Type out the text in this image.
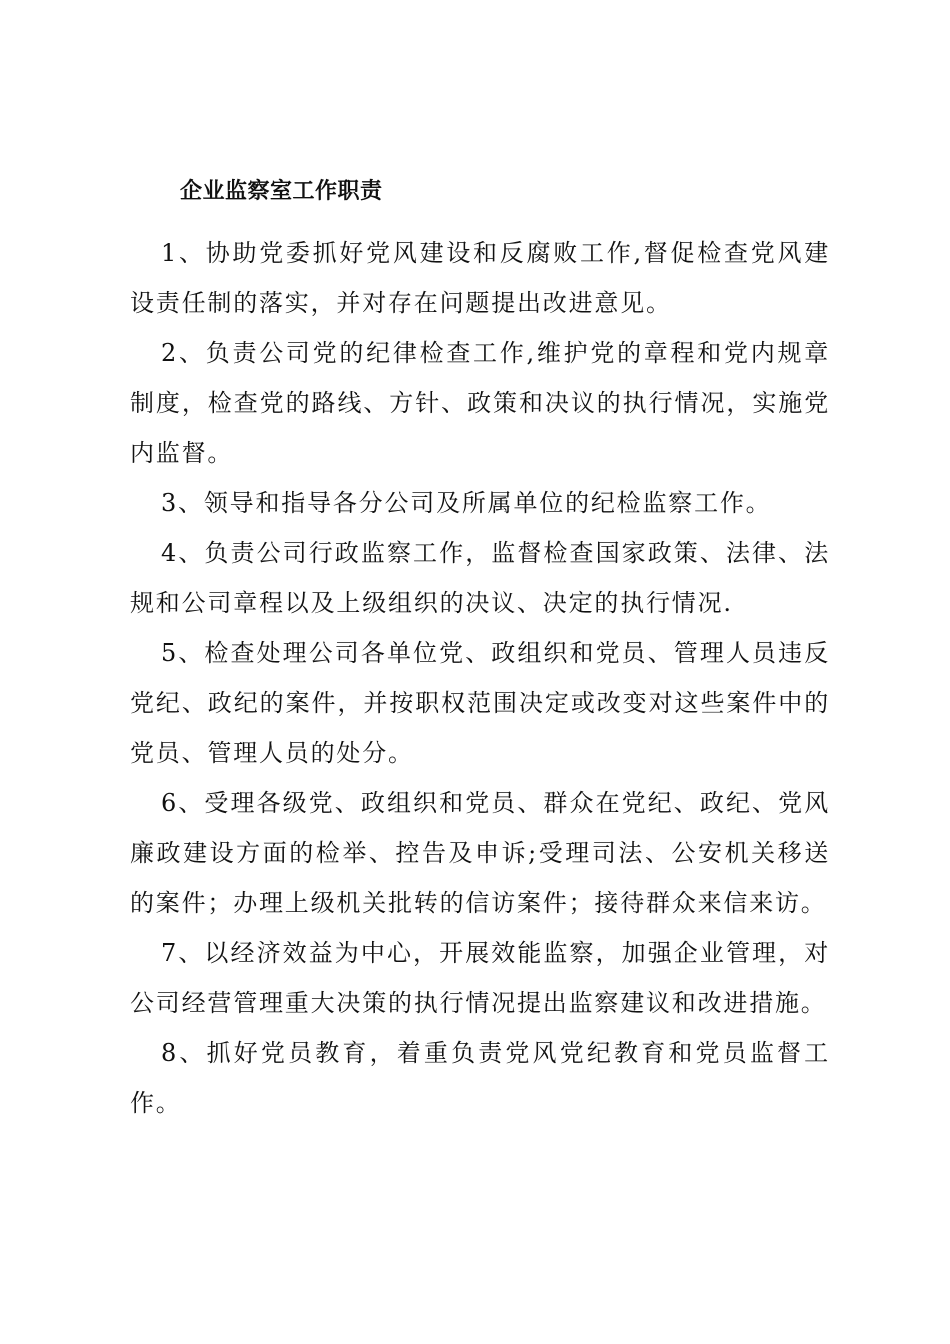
企业监察室工作职责

1、协助党委抓好党风建设和反腐败工作,督促检查党风建设责任制的落实，并对存在问题提出改进意见。

2、负责公司党的纪律检查工作,维护党的章程和党内规章制度，检查党的路线、方针、政策和决议的执行情况，实施党内监督。

3、领导和指导各分公司及所属单位的纪检监察工作。

4、负责公司行政监察工作，监督检查国家政策、法律、法规和公司章程以及上级组织的决议、决定的执行情况.

5、检查处理公司各单位党、政组织和党员、管理人员违反党纪、政纪的案件，并按职权范围决定或改变对这些案件中的党员、管理人员的处分。

6、受理各级党、政组织和党员、群众在党纪、政纪、党风廉政建设方面的检举、控告及申诉;受理司法、公安机关移送的案件；办理上级机关批转的信访案件；接待群众来信来访。

7、以经济效益为中心，开展效能监察，加强企业管理，对公司经营管理重大决策的执行情况提出监察建议和改进措施。

8、抓好党员教育，着重负责党风党纪教育和党员监督工作。
